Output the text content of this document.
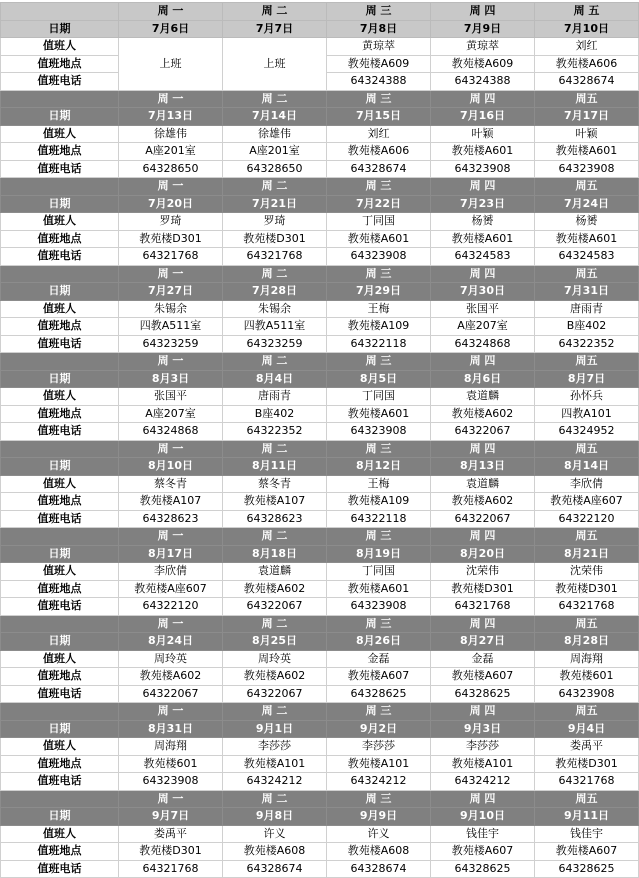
	周 一	周 二	周 三	周 四	周 五
日期	7月6日	7月7日	7月8日	7月9日	7月10日
值班人	上班	上班	黄琼萃	黄琼萃	刘红
值班地点			教苑楼A609	教苑楼A609	教苑楼A606
值班电话			64324388	64324388	64328674
	周 一	周 二	周 三	周 四	周五
日期	7月13日	7月14日	7月15日	7月16日	7月17日
值班人	徐雄伟	徐雄伟	刘红	叶颖	叶颖
值班地点	A座201室	A座201室	教苑楼A606	教苑楼A601	教苑楼A601
值班电话	64328650	64328650	64328674	64323908	64323908
	周 一	周 二	周 三	周 四	周五
日期	7月20日	7月21日	7月22日	7月23日	7月24日
值班人	罗琦	罗琦	丁同国	杨赟	杨赟
值班地点	教苑楼D301	教苑楼D301	教苑楼A601	教苑楼A601	教苑楼A601
值班电话	64321768	64321768	64323908	64324583	64324583
	周 一	周 二	周 三	周 四	周五
日期	7月27日	7月28日	7月29日	7月30日	7月31日
值班人	朱锡余	朱锡余	王梅	张国平	唐雨青
值班地点	四教A511室	四教A511室	教苑楼A109	A座207室	B座402
值班电话	64323259	64323259	64322118	64324868	64322352
	周 一	周 二	周 三	周 四	周五
日期	8月3日	8月4日	8月5日	8月6日	8月7日
值班人	张国平	唐雨青	丁同国	袁道麟	孙怀兵
值班地点	A座207室	B座402	教苑楼A601	教苑楼A602	四教A101
值班电话	64324868	64322352	64323908	64322067	64324952
	周 一	周 二	周 三	周 四	周五
日期	8月10日	8月11日	8月12日	8月13日	8月14日
值班人	蔡冬青	蔡冬青	王梅	袁道麟	李欣倩
值班地点	教苑楼A107	教苑楼A107	教苑楼A109	教苑楼A602	教苑楼A座607
值班电话	64328623	64328623	64322118	64322067	64322120
	周 一	周 二	周 三	周 四	周五
日期	8月17日	8月18日	8月19日	8月20日	8月21日
值班人	李欣倩	袁道麟	丁同国	沈荣伟	沈荣伟
值班地点	教苑楼A座607	教苑楼A602	教苑楼A601	教苑楼D301	教苑楼D301
值班电话	64322120	64322067	64323908	64321768	64321768
	周 一	周 二	周 三	周 四	周五
日期	8月24日	8月25日	8月26日	8月27日	8月28日
值班人	周玲英	周玲英	金磊	金磊	周海翔
值班地点	教苑楼A602	教苑楼A602	教苑楼A607	教苑楼A607	教苑楼601
值班电话	64322067	64322067	64328625	64328625	64323908
	周 一	周 二	周 三	周 四	周五
日期	8月31日	9月1日	9月2日	9月3日	9月4日
值班人	周海翔	李莎莎	李莎莎	李莎莎	娄禹平
值班地点	教苑楼601	教苑楼A101	教苑楼A101	教苑楼A101	教苑楼D301
值班电话	64323908	64324212	64324212	64324212	64321768
	周 一	周 二	周 三	周 四	周五
日期	9月7日	9月8日	9月9日	9月10日	9月11日
值班人	娄禹平	许义	许义	钱佳宇	钱佳宇
值班地点	教苑楼D301	教苑楼A608	教苑楼A608	教苑楼A607	教苑楼A607
值班电话	64321768	64328674	64328674	64328625	64328625
